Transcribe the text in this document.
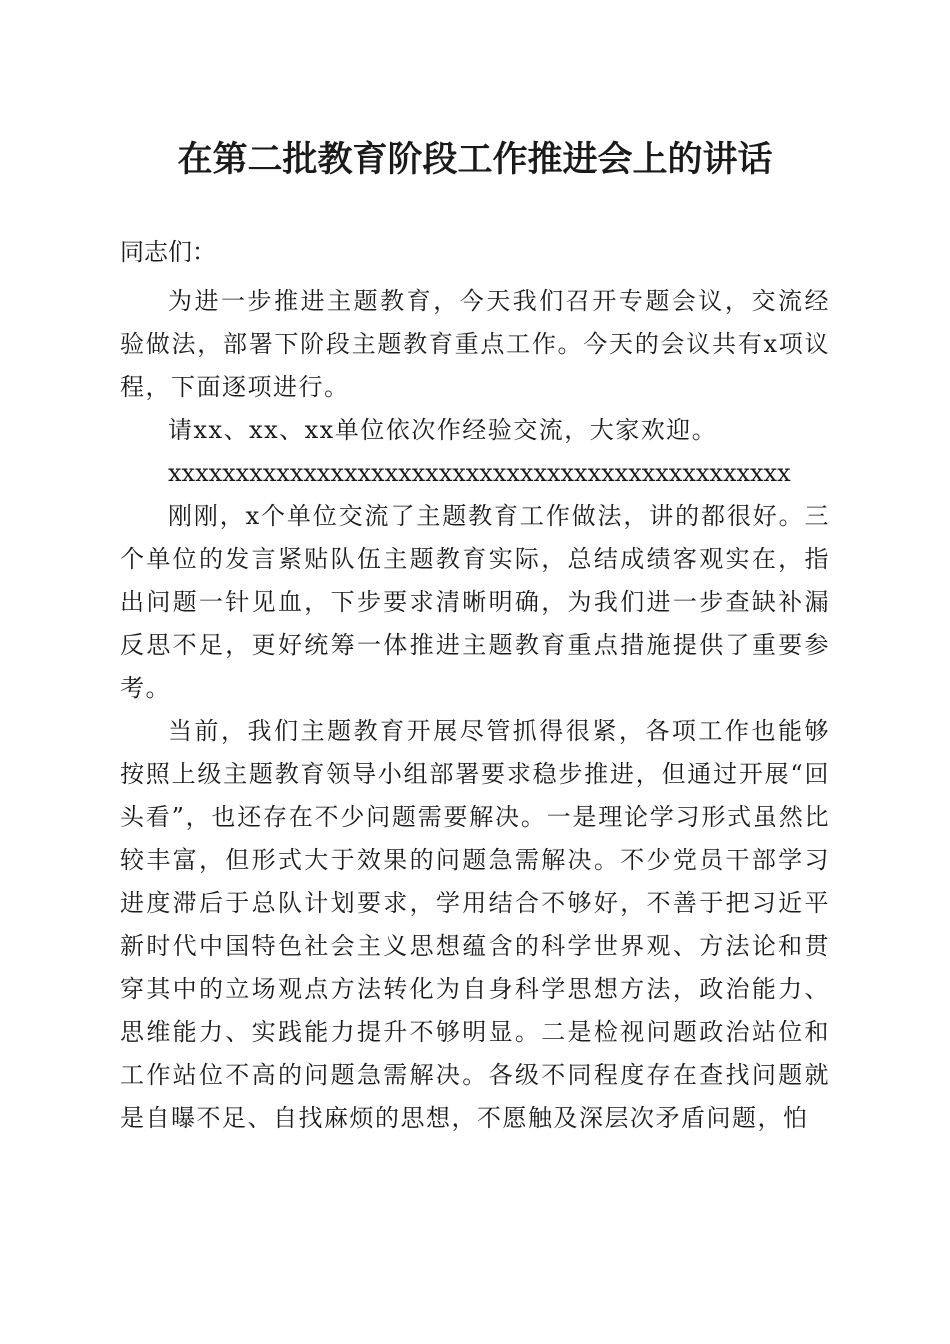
在第二批教育阶段工作推进会上的讲话

同志们：

为进一步推进主题教育，今天我们召开专题会议，交流经验做法，部署下阶段主题教育重点工作。今天的会议共有x项议程，下面逐项进行。

请xx、xx、xx单位依次作经验交流，大家欢迎。

xxxxxxxxxxxxxxxxxxxxxxxxxxxxxxxxxxxxxxxxxxxxxx

刚刚，x个单位交流了主题教育工作做法，讲的都很好。三个单位的发言紧贴队伍主题教育实际，总结成绩客观实在，指出问题一针见血，下步要求清晰明确，为我们进一步查缺补漏反思不足，更好统筹一体推进主题教育重点措施提供了重要参考。

当前，我们主题教育开展尽管抓得很紧，各项工作也能够按照上级主题教育领导小组部署要求稳步推进，但通过开展“回头看”，也还存在不少问题需要解决。一是理论学习形式虽然比较丰富，但形式大于效果的问题急需解决。不少党员干部学习进度滞后于总队计划要求，学用结合不够好，不善于把习近平新时代中国特色社会主义思想蕴含的科学世界观、方法论和贯穿其中的立场观点方法转化为自身科学思想方法，政治能力、思维能力、实践能力提升不够明显。二是检视问题政治站位和工作站位不高的问题急需解决。各级不同程度存在查找问题就是自曝不足、自找麻烦的思想，不愿触及深层次矛盾问题，怕
